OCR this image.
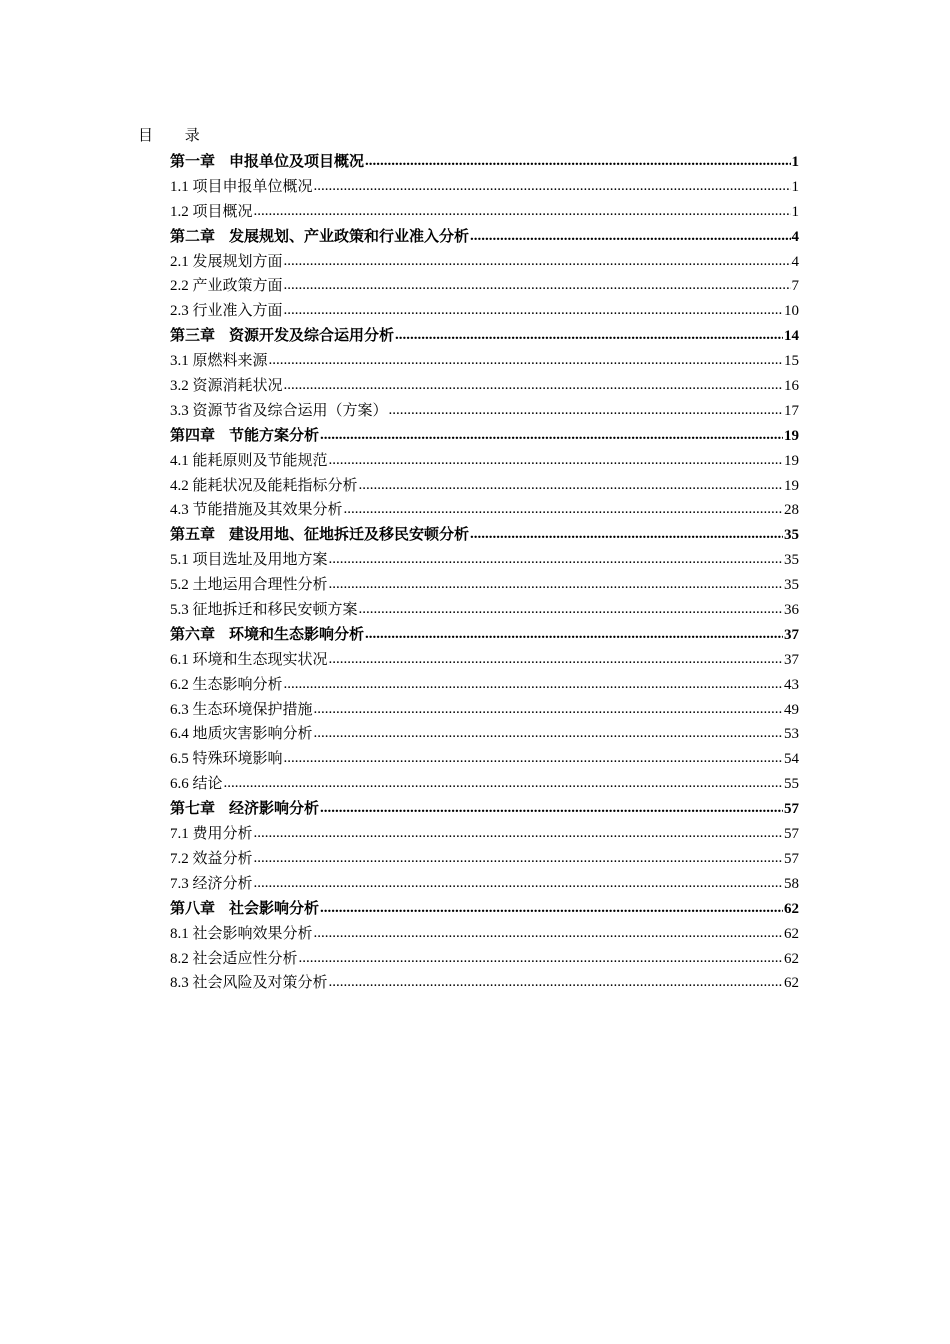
目 录
第一章 申报单位及项目概况 .....	1
1.1 项目申报单位概况 .....	1
1.2 项目概况 .....	1
第二章 发展规划、产业政策和行业准入分析 .....	4
2.1 发展规划方面 .....	4
2.2 产业政策方面 .....	7
2.3 行业准入方面 .....	10
第三章 资源开发及综合运用分析 .....	14
3.1 原燃料来源 .....	15
3.2 资源消耗状况 .....	16
3.3 资源节省及综合运用（方案） .....	17
第四章 节能方案分析 .....	19
4.1 能耗原则及节能规范 .....	19
4.2 能耗状况及能耗指标分析 .....	19
4.3 节能措施及其效果分析 .....	28
第五章 建设用地、征地拆迁及移民安顿分析 .....	35
5.1 项目选址及用地方案 .....	35
5.2 土地运用合理性分析 .....	35
5.3 征地拆迁和移民安顿方案 .....	36
第六章 环境和生态影响分析 .....	37
6.1 环境和生态现实状况 .....	37
6.2 生态影响分析 .....	43
6.3 生态环境保护措施 .....	49
6.4 地质灾害影响分析 .....	53
6.5 特殊环境影响 .....	54
6.6 结论 .....	55
第七章 经济影响分析 .....	57
7.1 费用分析 .....	57
7.2 效益分析 .....	57
7.3 经济分析 .....	58
第八章 社会影响分析 .....	62
8.1 社会影响效果分析 .....	62
8.2 社会适应性分析 .....	62
8.3 社会风险及对策分析 .....	62
